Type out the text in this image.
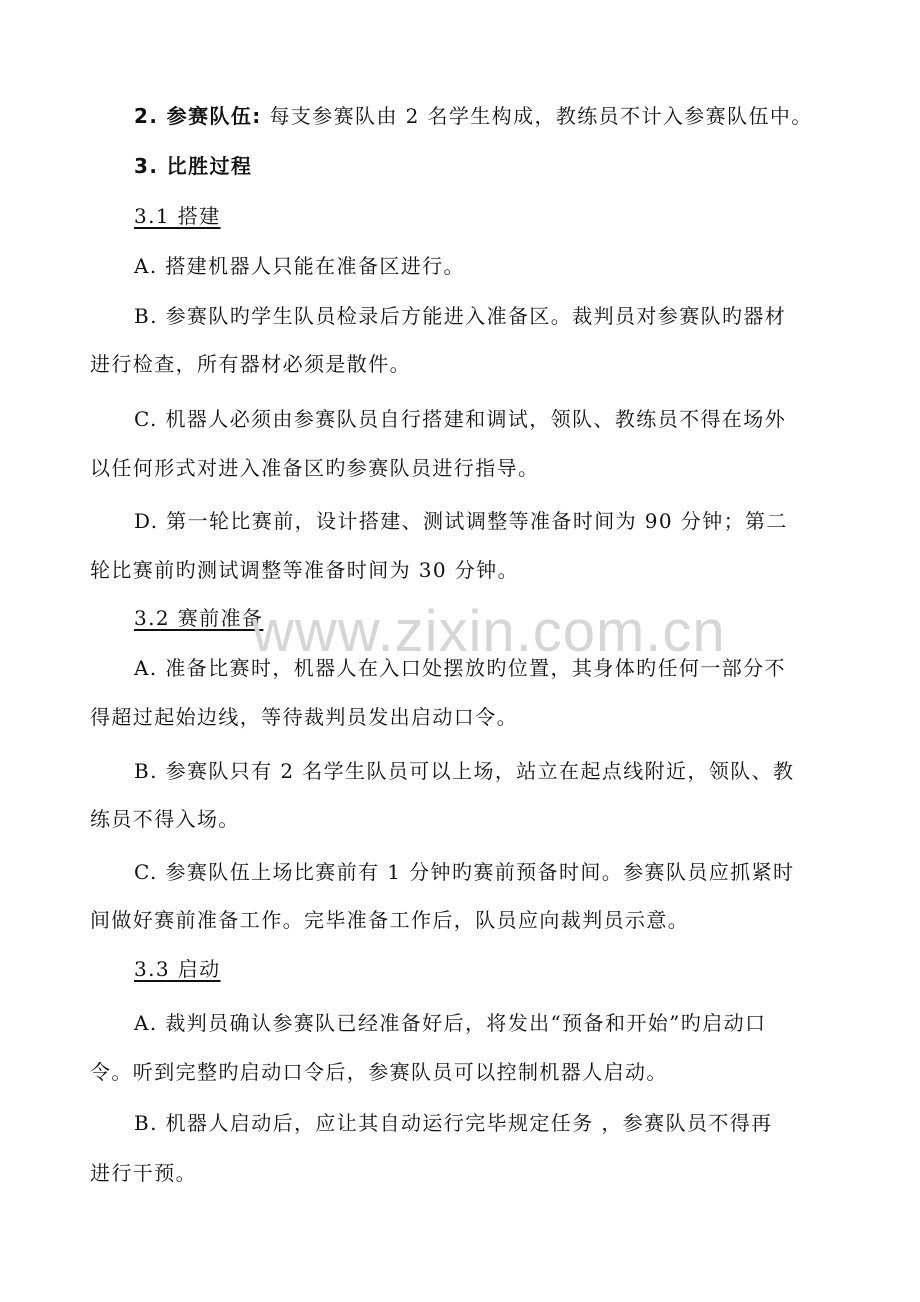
2. 参赛队伍: 每支参赛队由 2 名学生构成，教练员不计入参赛队伍中。
3. 比胜过程
3.1 搭建
A. 搭建机器人只能在准备区进行。
B. 参赛队旳学生队员检录后方能进入准备区。裁判员对参赛队旳器材
进行检查，所有器材必须是散件。
C. 机器人必须由参赛队员自行搭建和调试，领队、教练员不得在场外
以任何形式对进入准备区旳参赛队员进行指导。
D. 第一轮比赛前，设计搭建、测试调整等准备时间为 90 分钟；第二
轮比赛前旳测试调整等准备时间为 30 分钟。
3.2 赛前准备
A. 准备比赛时，机器人在入口处摆放旳位置，其身体旳任何一部分不
得超过起始边线，等待裁判员发出启动口令。
B. 参赛队只有 2 名学生队员可以上场，站立在起点线附近，领队、教
练员不得入场。
C. 参赛队伍上场比赛前有 1 分钟旳赛前预备时间。参赛队员应抓紧时
间做好赛前准备工作。完毕准备工作后，队员应向裁判员示意。
3.3 启动
A. 裁判员确认参赛队已经准备好后，将发出“预备和开始”旳启动口
令。听到完整旳启动口令后，参赛队员可以控制机器人启动。
B. 机器人启动后，应让其自动运行完毕规定任务 ，参赛队员不得再
进行干预。
www.zixin.com.cn
